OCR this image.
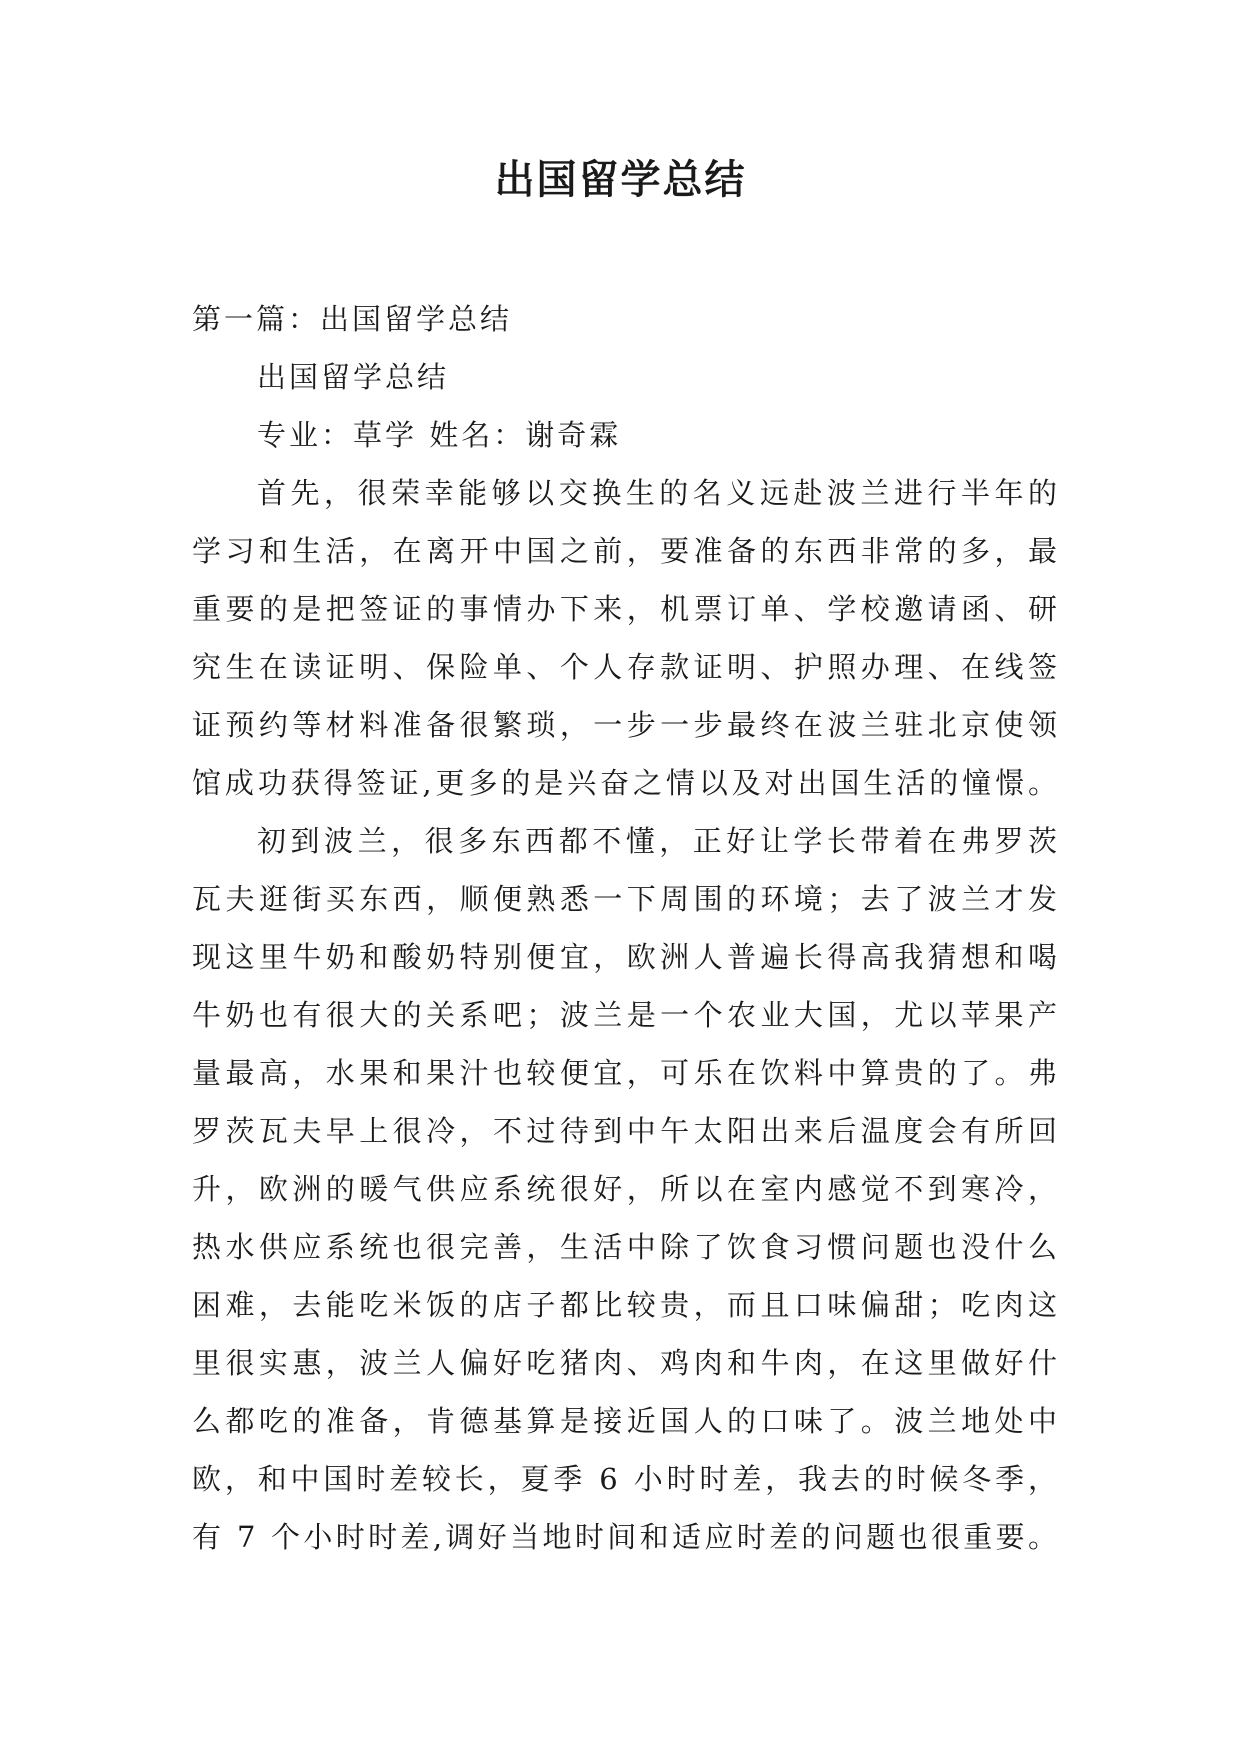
出国留学总结
第一篇：出国留学总结
出国留学总结
专业：草学 姓名：谢奇霖
首先，很荣幸能够以交换生的名义远赴波兰进行半年的
学习和生活，在离开中国之前，要准备的东西非常的多，最
重要的是把签证的事情办下来，机票订单、学校邀请函、研
究生在读证明、保险单、个人存款证明、护照办理、在线签
证预约等材料准备很繁琐，一步一步最终在波兰驻北京使领
馆成功获得签证,更多的是兴奋之情以及对出国生活的憧憬。
初到波兰，很多东西都不懂，正好让学长带着在弗罗茨
瓦夫逛街买东西，顺便熟悉一下周围的环境；去了波兰才发
现这里牛奶和酸奶特别便宜，欧洲人普遍长得高我猜想和喝
牛奶也有很大的关系吧；波兰是一个农业大国，尤以苹果产
量最高，水果和果汁也较便宜，可乐在饮料中算贵的了。弗
罗茨瓦夫早上很冷，不过待到中午太阳出来后温度会有所回
升，欧洲的暖气供应系统很好，所以在室内感觉不到寒冷，
热水供应系统也很完善，生活中除了饮食习惯问题也没什么
困难，去能吃米饭的店子都比较贵，而且口味偏甜；吃肉这
里很实惠，波兰人偏好吃猪肉、鸡肉和牛肉，在这里做好什
么都吃的准备，肯德基算是接近国人的口味了。波兰地处中
欧，和中国时差较长，夏季 6 小时时差，我去的时候冬季，
有 7 个小时时差,调好当地时间和适应时差的问题也很重要。
